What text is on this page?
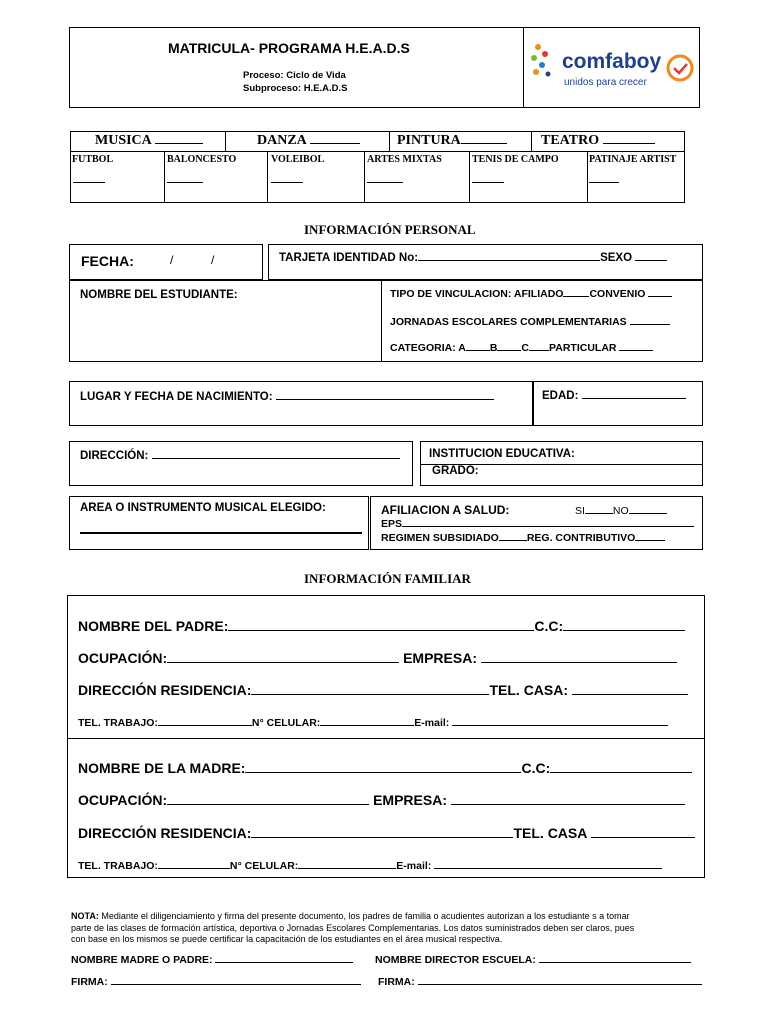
MATRICULA- PROGRAMA H.E.A.D.S
Proceso: Ciclo de Vida
Subproceso: H.E.A.D.S
comfaboy
unidos para crecer
MUSICA	DANZA	PINTURA	TEATRO
FUTBOL	BALONCESTO	VOLEIBOL	ARTES MIXTAS	TENIS DE CAMPO	PATINAJE ARTIST
INFORMACIÓN PERSONAL
FECHA:	/	/	TARJETA IDENTIDAD No:	SEXO
NOMBRE DEL ESTUDIANTE:	TIPO DE VINCULACION: AFILIADO CONVENIO
JORNADAS ESCOLARES COMPLEMENTARIAS
CATEGORIA: A B C PARTICULAR
LUGAR Y FECHA DE NACIMIENTO:	EDAD:
DIRECCIÓN:	INSTITUCION EDUCATIVA:
GRADO:
AREA O INSTRUMENTO MUSICAL ELEGIDO:	AFILIACION A SALUD:	SI	NO
EPS
REGIMEN SUBSIDIADO	REG. CONTRIBUTIVO
INFORMACIÓN FAMILIAR
NOMBRE DEL PADRE:	C.C:
OCUPACIÓN:	EMPRESA:
DIRECCIÓN RESIDENCIA:	TEL. CASA:
TEL. TRABAJO:	N° CELULAR:	E-mail:
NOMBRE DE LA MADRE:	C.C:
OCUPACIÓN:	EMPRESA:
DIRECCIÓN RESIDENCIA:	TEL. CASA
TEL. TRABAJO:	N° CELULAR:	E-mail:
NOTA: Mediante el diligenciamiento y firma del presente documento, los padres de familia o acudientes autorizan a los estudiante s a tomar
parte de las clases de formación artística, deportiva o Jornadas Escolares Complementarias. Los datos suministrados deben ser claros, pues
con base en los mismos se puede certificar la capacitación de los estudiantes en el área musical respectiva.
NOMBRE MADRE O PADRE:	NOMBRE DIRECTOR ESCUELA:
FIRMA:	FIRMA:
